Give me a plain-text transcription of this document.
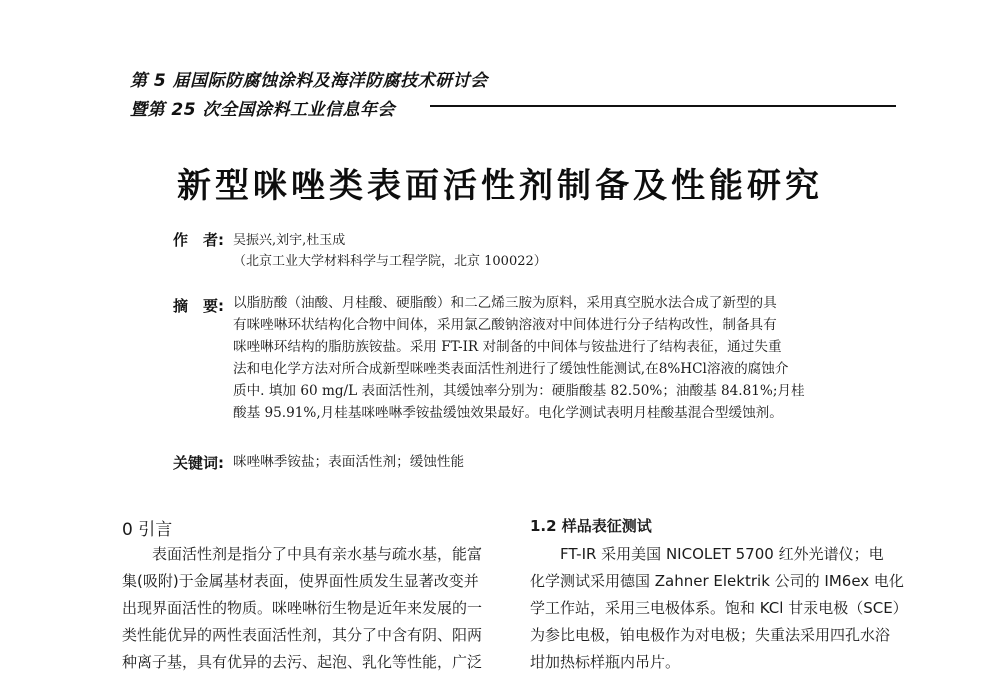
第 5 届国际防腐蚀涂料及海洋防腐技术研讨会
暨第 25 次全国涂料工业信息年会
新型咪唑类表面活性剂制备及性能研究
作　者: 吴振兴,刘宇,杜玉成
（北京工业大学材料科学与工程学院，北京 100022）
摘　要: 以脂肪酸（油酸、月桂酸、硬脂酸）和二乙烯三胺为原料，采用真空脱水法合成了新型的具
有咪唑啉环状结构化合物中间体，采用氯乙酸钠溶液对中间体进行分子结构改性，制备具有
咪唑啉环结构的脂肪族铵盐。采用 FT-IR 对制备的中间体与铵盐进行了结构表征，通过失重
法和电化学方法对所合成新型咪唑类表面活性剂进行了缓蚀性能测试,在8%HCl溶液的腐蚀介
质中. 填加 60 mg/L 表面活性剂，其缓蚀率分别为：硬脂酸基 82.50%；油酸基 84.81%;月桂
酸基 95.91%,月桂基咪唑啉季铵盐缓蚀效果最好。电化学测试表明月桂酸基混合型缓蚀剂。
关键词: 咪唑啉季铵盐；表面活性剂；缓蚀性能
0 引言
表面活性剂是指分了中具有亲水基与疏水基，能富
集(吸附)于金属基材表面，使界面性质发生显著改变并
出现界面活性的物质。咪唑啉衍生物是近年来发展的一
类性能优异的两性表面活性剂，其分了中含有阴、阳两
种离子基，具有优异的去污、起泡、乳化等性能，广泛
1.2 样品表征测试
FT-IR 采用美国 NICOLET 5700 红外光谱仪；电
化学测试采用德国 Zahner Elektrik 公司的 IM6ex 电化
学工作站，采用三电极体系。饱和 KCl 甘汞电极（SCE）
为参比电极，铂电极作为对电极；失重法采用四孔水浴
坩加热标样瓶内吊片。
